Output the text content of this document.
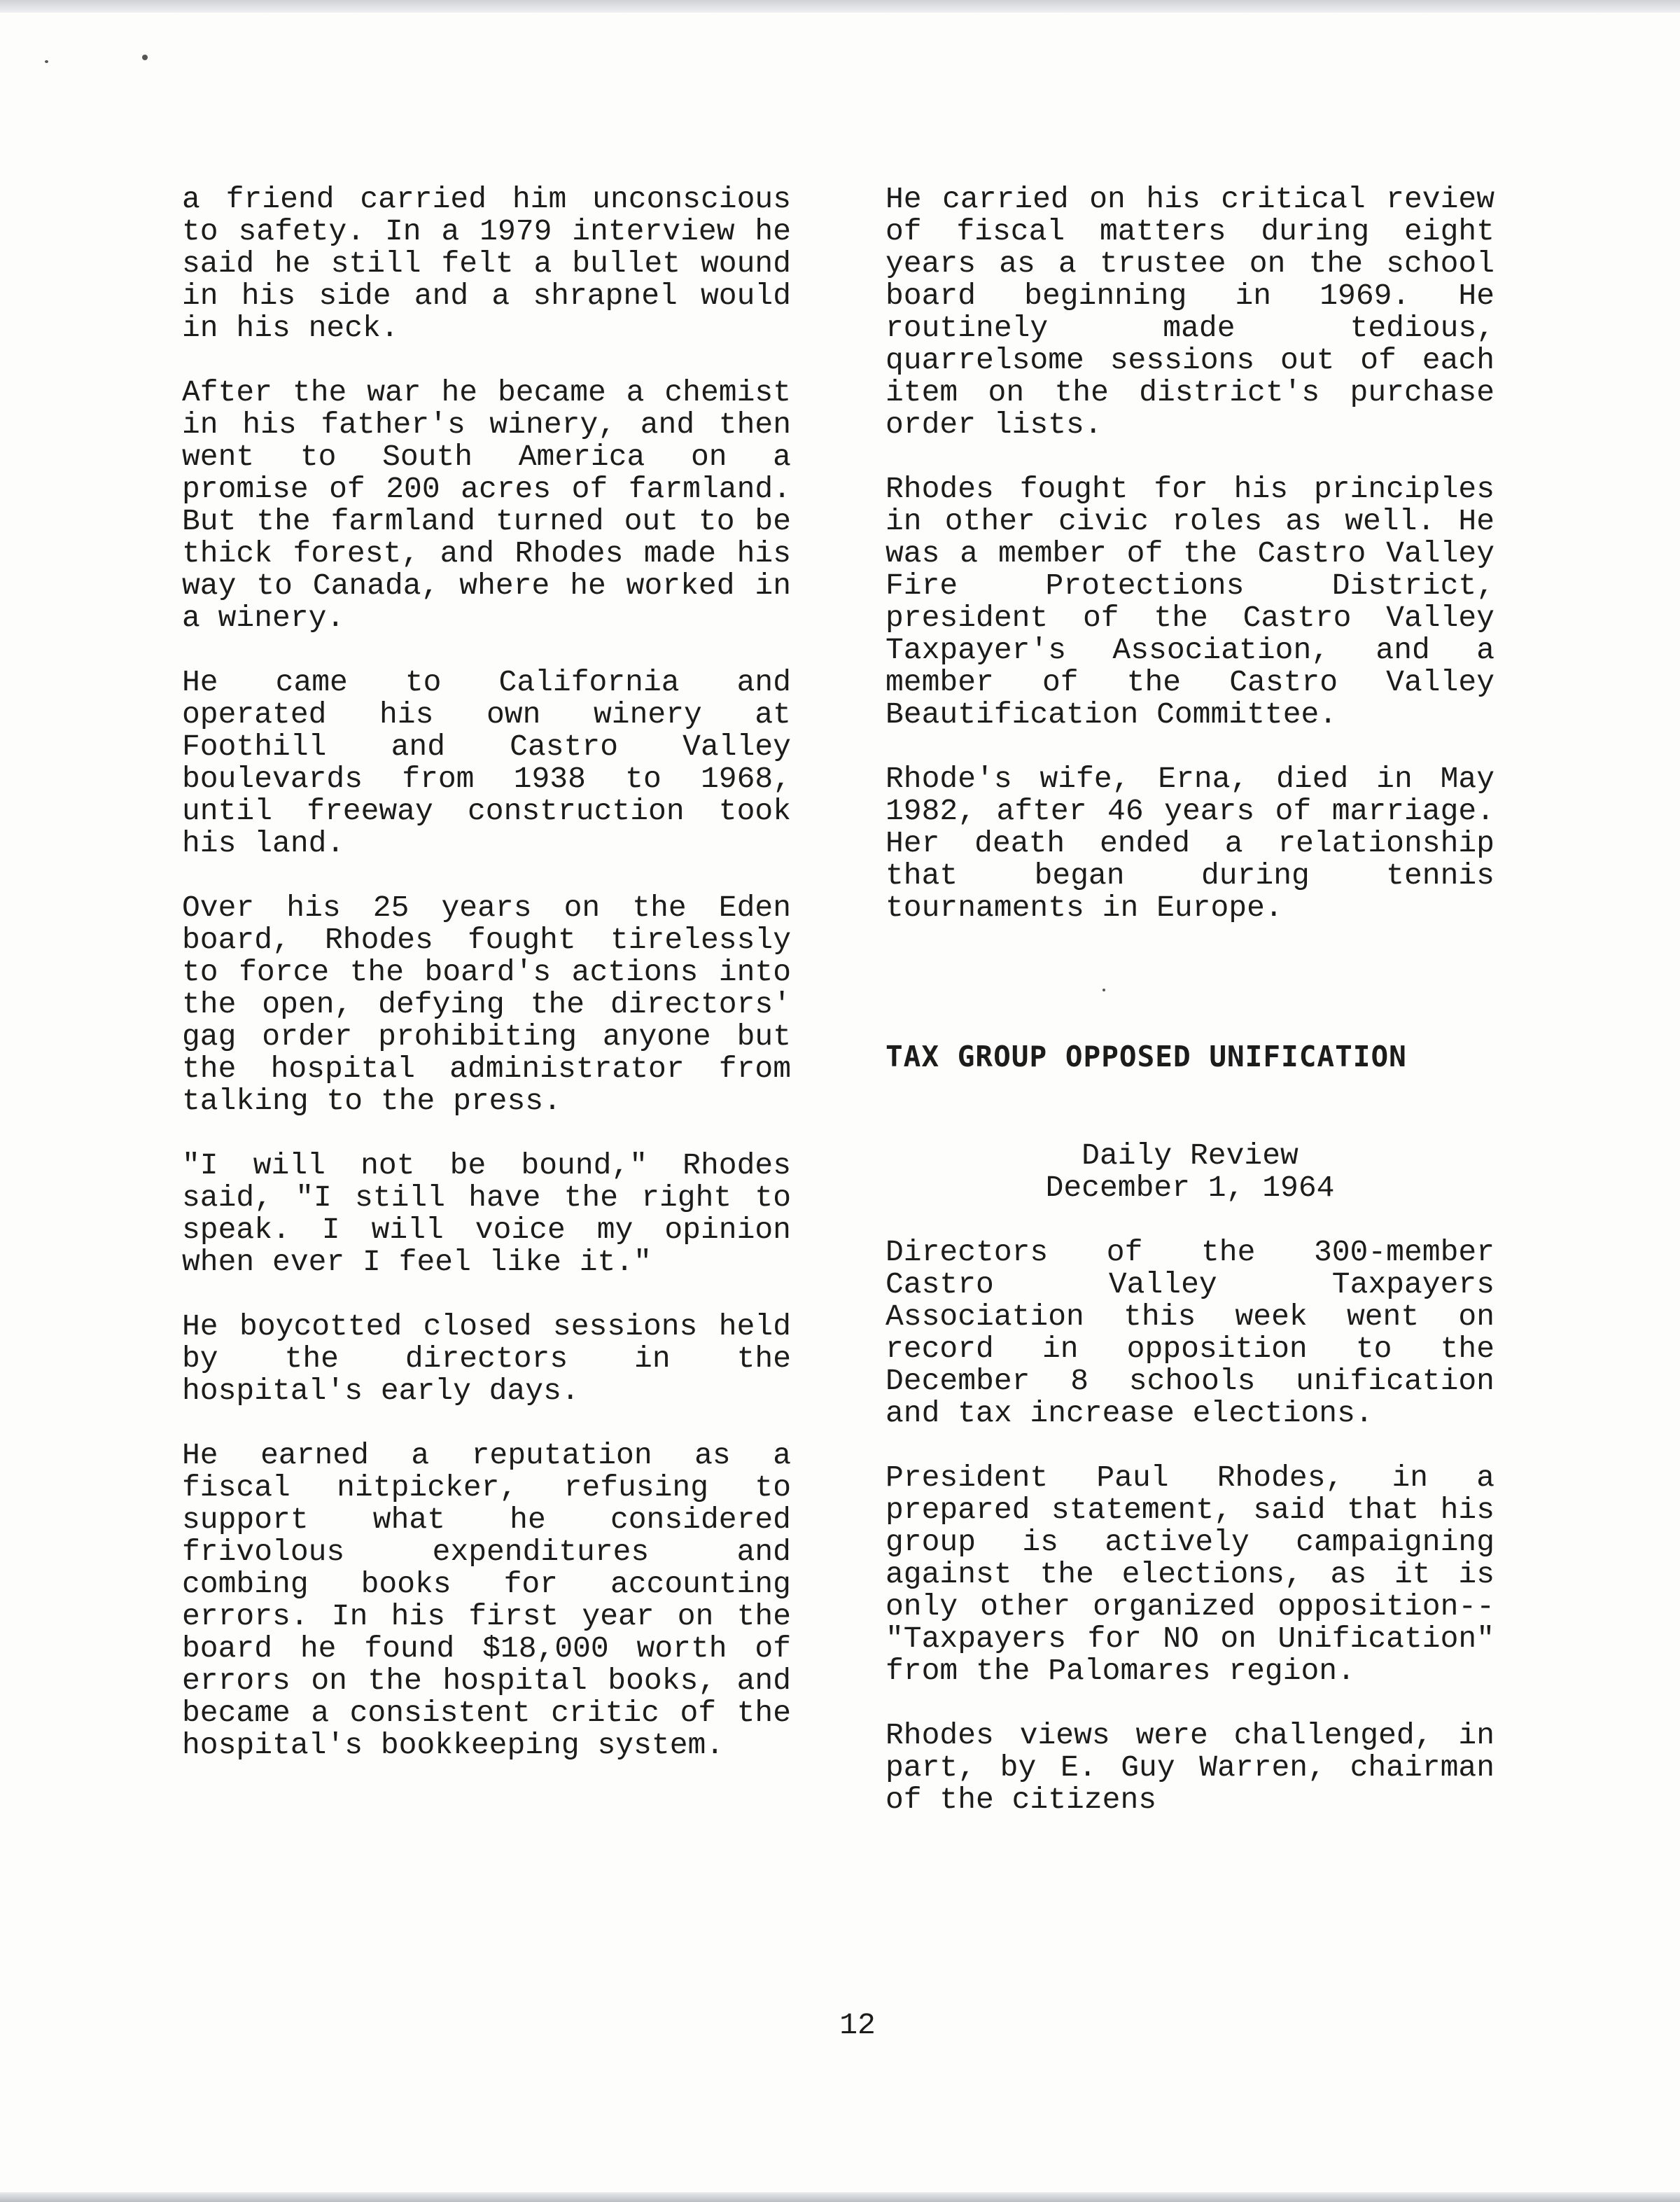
a friend carried him unconscious to safety. In a 1979 interview he said he still felt a bullet wound in his side and a shrapnel would in his neck.

After the war he became a chemist in his father's winery, and then went to South America on a promise of 200 acres of farmland. But the farmland turned out to be thick forest, and Rhodes made his way to Canada, where he worked in a winery.

He came to California and operated his own winery at Foothill and Castro Valley boulevards from 1938 to 1968, until freeway construction took his land.

Over his 25 years on the Eden board, Rhodes fought tirelessly to force the board's actions into the open, defying the directors' gag order prohibiting anyone but the hospital administrator from talking to the press.

"I will not be bound," Rhodes said, "I still have the right to speak. I will voice my opinion when ever I feel like it."

He boycotted closed sessions held by the directors in the hospital's early days.

He earned a reputation as a fiscal nitpicker, refusing to support what he considered frivolous expenditures and combing books for accounting errors. In his first year on the board he found $18,000 worth of errors on the hospital books, and became a consistent critic of the hospital's bookkeeping system.

He carried on his critical review of fiscal matters during eight years as a trustee on the school board beginning in 1969. He routinely made tedious, quarrelsome sessions out of each item on the district's purchase order lists.

Rhodes fought for his principles in other civic roles as well. He was a member of the Castro Valley Fire Protections District, president of the Castro Valley Taxpayer's Association, and a member of the Castro Valley Beautification Committee.

Rhode's wife, Erna, died in May 1982, after 46 years of marriage. Her death ended a relationship that began during tennis tournaments in Europe.

TAX GROUP OPPOSED UNIFICATION

Daily Review

December 1, 1964

Directors of the 300-member Castro Valley Taxpayers Association this week went on record in opposition to the December 8 schools unification and tax increase elections.

President Paul Rhodes, in a prepared statement, said that his group is actively campaigning against the elections, as it is only other organized opposition--"Taxpayers for NO on Unification" from the Palomares region.

Rhodes views were challenged, in part, by E. Guy Warren, chairman of the citizens

12
